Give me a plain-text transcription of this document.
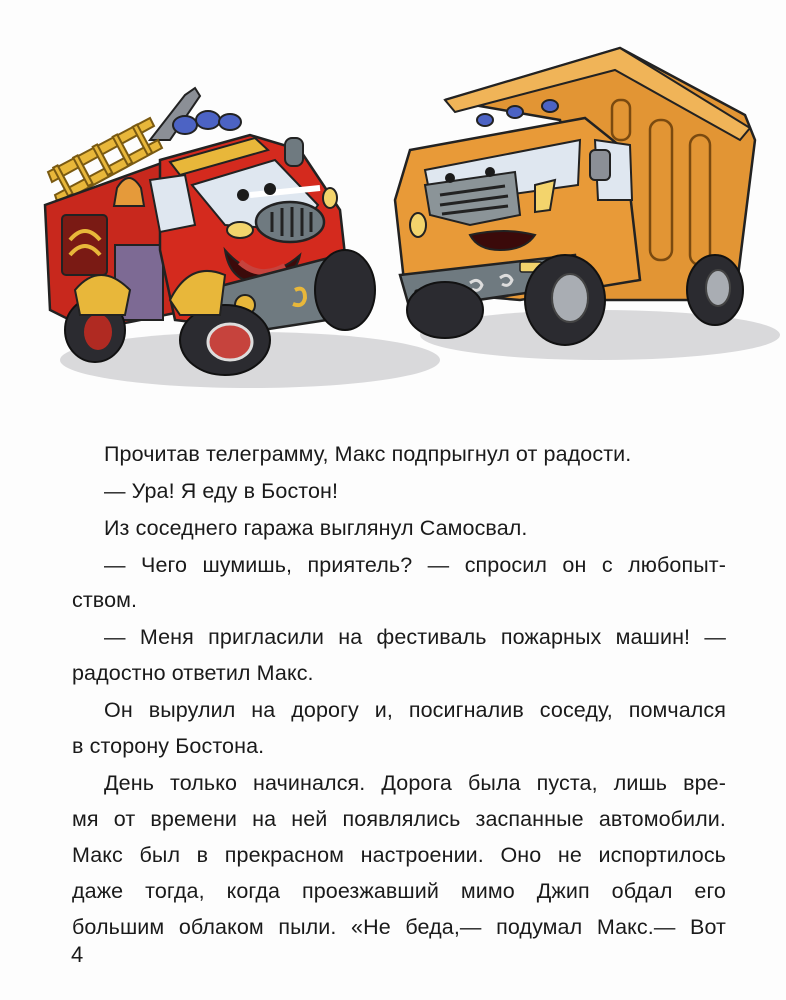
Прочитав телеграмму, Макс подпрыгнул от радости.
— Ура! Я еду в Бостон!
Из соседнего гаража выглянул Самосвал.
— Чего шумишь, приятель? — спросил он с любопыт-
ством.
— Меня пригласили на фестиваль пожарных машин! —
радостно ответил Макс.
Он вырулил на дорогу и, посигналив соседу, помчался
в сторону Бостона.
День только начинался. Дорога была пуста, лишь вре-
мя от времени на ней появлялись заспанные автомобили.
Макс был в прекрасном настроении. Оно не испортилось
даже тогда, когда проезжавший мимо Джип обдал его
большим облаком пыли. «Не беда,— подумал Макс.— Вот
4
